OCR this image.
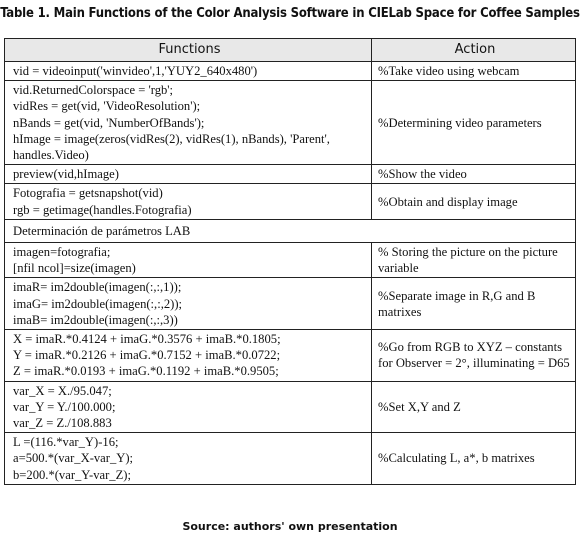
Table 1. Main Functions of the Color Analysis Software in CIELab Space for Coffee Samples
Functions	Action
vid = videoinput('winvideo',1,'YUY2_640x480')	%Take video using webcam
vid.ReturnedColorspace = 'rgb';
vidRes = get(vid, 'VideoResolution');
nBands = get(vid, 'NumberOfBands');
hImage = image(zeros(vidRes(2), vidRes(1), nBands), 'Parent',
handles.Video)	%Determining video parameters
preview(vid,hImage)	%Show the video
Fotografia = getsnapshot(vid)
rgb = getimage(handles.Fotografia)	%Obtain and display image
Determinación de parámetros LAB	
imagen=fotografia;
[nfil ncol]=size(imagen)	% Storing the picture on the picture variable
imaR= im2double(imagen(:,:,1));
imaG= im2double(imagen(:,:,2));
imaB= im2double(imagen(:,:,3))	%Separate image in R,G and B matrixes
X = imaR.*0.4124 + imaG.*0.3576 + imaB.*0.1805;
Y = imaR.*0.2126 + imaG.*0.7152 + imaB.*0.0722;
Z = imaR.*0.0193 + imaG.*0.1192 + imaB.*0.9505;	%Go from RGB to XYZ – constants for Observer = 2°, illuminating = D65
var_X = X./95.047;
var_Y = Y./100.000;
var_Z = Z./108.883	%Set X,Y and Z
L =(116.*var_Y)-16;
a=500.*(var_X-var_Y);
b=200.*(var_Y-var_Z);	%Calculating L, a*, b matrixes
Source: authors' own presentation
